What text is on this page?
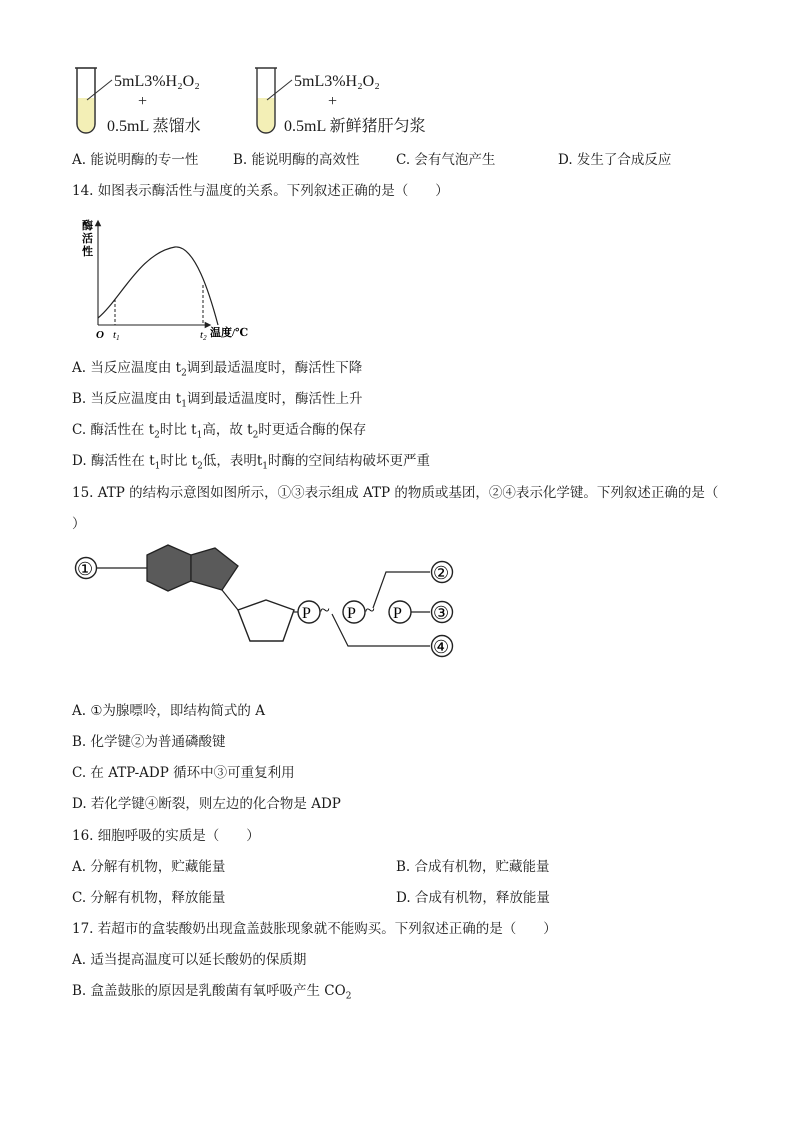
5mL3%H₂O₂
+
0.5mL 蒸馏水
5mL3%H₂O₂
+
0.5mL 新鲜猪肝匀浆
A. 能说明酶的专一性	B. 能说明酶的高效性	C. 会有气泡产生	D. 发生了合成反应
14. 如图表示酶活性与温度的关系。下列叙述正确的是（　　）
酶
活
性
O t1	t2 温度/℃
A. 当反应温度由 $t_2$调到最适温度时，酶活性下降
B. 当反应温度由 $t_1$调到最适温度时，酶活性上升
C. 酶活性在 $t_2$时比 $t_1$高，故 $t_2$时更适合酶的保存
D. 酶活性在 $t_1$时比 $t_2$低，表明$t_1$时酶的空间结构破坏更严重
15. ATP 的结构示意图如图所示，①③表示组成 ATP 的物质或基团，②④表示化学键。下列叙述正确的是（
）
①
P ~ P ~ P
②
③
④
A. ①为腺嘌呤，即结构简式的 A
B. 化学键②为普通磷酸键
C. 在 ATP-ADP 循环中③可重复利用
D. 若化学键④断裂，则左边的化合物是 ADP
16. 细胞呼吸的实质是（　　）
A. 分解有机物，贮藏能量	B. 合成有机物，贮藏能量
C. 分解有机物，释放能量	D. 合成有机物，释放能量
17. 若超市的盒装酸奶出现盒盖鼓胀现象就不能购买。下列叙述正确的是（　　）
A. 适当提高温度可以延长酸奶的保质期
B. 盒盖鼓胀的原因是乳酸菌有氧呼吸产生 $CO_2$
